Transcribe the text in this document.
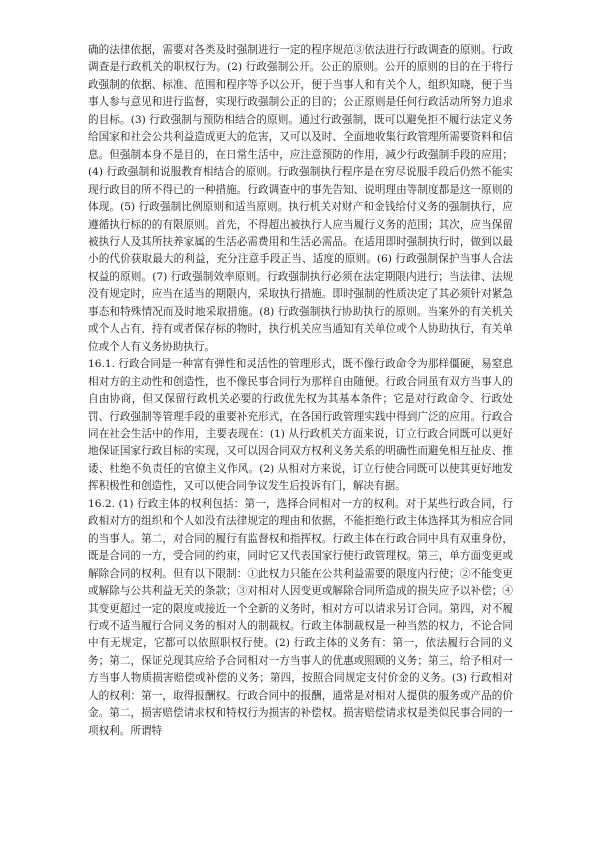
确的法律依据，需要对各类及时强制进行一定的程序规范③依法进行行政调查的原则。行政调查是行政机关的职权行为。(2) 行政强制公开。公正的原则。公开的原则的目的在于将行政强制的依据、标准、范围和程序等予以公开，便于当事人和有关个人，组织知晓，便于当事人参与意见和进行监督，实现行政强制公正的目的；公正原则是任何行政活动所努力追求的目标。(3) 行政强制与预防相结合的原则。通过行政强制，既可以避免拒不履行法定义务给国家和社会公共利益造成更大的危害，又可以及时、全面地收集行政管理所需要资料和信息。但强制本身不是目的，在日常生活中，应注意预防的作用，减少行政强制手段的应用；(4) 行政强制和说服教育相结合的原则。行政强制执行程序是在穷尽说服手段后仍然不能实现行政目的所不得已的一种措施。行政调查中的事先告知、说明理由等制度都是这一原则的体现。(5) 行政强制比例原则和适当原则。执行机关对财产和金钱给付义务的强制执行，应遵循执行标的的有限原则。首先，不得超出被执行人应当履行义务的范围；其次，应当保留被执行人及其所扶养家属的生活必需费用和生活必需品。在适用即时强制执行时，做到以最小的代价获取最大的利益，充分注意手段正当、适度的原则。(6) 行政强制保护当事人合法权益的原则。(7) 行政强制效率原则。行政强制执行必须在法定期限内进行；当法律、法规没有规定时，应当在适当的期限内，采取执行措施。即时强制的性质决定了其必须针对紧急事态和特殊情况而及时地采取措施。(8) 行政强制执行协助执行的原则。当案外的有关机关或个人占有、持有或者保存标的物时，执行机关应当通知有关单位或个人协助执行，有关单位或个人有义务协助执行。

16.1. 行政合同是一种富有弹性和灵活性的管理形式，既不像行政命令为那样僵硬，易窒息相对方的主动性和创造性，也不像民事合同行为那样自由随便。行政合同虽有双方当事人的自由协商，但又保留行政机关必要的行政优先权为其基本条件；它是对行政命令、行政处罚、行政强制等管理手段的重要补充形式，在各国行政管理实践中得到广泛的应用。行政合同在社会生活中的作用，主要表现在：(1) 从行政机关方面来说，订立行政合同既可以更好地保证国家行政目标的实现，又可以因合同双方权利义务关系的明确性而避免相互扯皮、推诿、杜绝不负责任的官僚主义作风。(2) 从相对方来说，订立行使合同既可以使其更好地发挥积极性和创造性，又可以使合同争议发生后投诉有门，解决有据。

16.2. (1) 行政主体的权利包括：第一，选择合同相对一方的权利。对于某些行政合同，行政相对方的组织和个人如没有法律规定的理由和依据，不能拒绝行政主体选择其为相应合同的当事人。第二，对合同的履行有监督权和指挥权。行政主体在行政合同中具有双重身份，既是合同的一方，受合同的约束，同时它又代表国家行使行政管理权。第三，单方面变更或解除合同的权利。但有以下限制：①此权力只能在公共利益需要的限度内行使；②不能变更或解除与公共利益无关的条款；③对相对人因变更或解除合同所造成的损失应予以补偿；④其变更超过一定的限度或接近一个全新的义务时，相对方可以请求另订合同。第四，对不履行或不适当履行合同义务的相对人的制裁权。行政主体制裁权是一种当然的权力，不论合同中有无规定，它都可以依照职权行使。(2) 行政主体的义务有：第一，依法履行合同的义务；第二，保证兑现其应给予合同相对一方当事人的优惠或照顾的义务；第三，给予相对一方当事人物质损害赔偿或补偿的义务；第四，按照合同规定支付价金的义务。(3) 行政相对人的权利：第一，取得报酬权。行政合同中的报酬，通常是对相对人提供的服务或产品的价金。第二，损害赔偿请求权和特权行为损害的补偿权。损害赔偿请求权是类似民事合同的一项权利。所谓特
